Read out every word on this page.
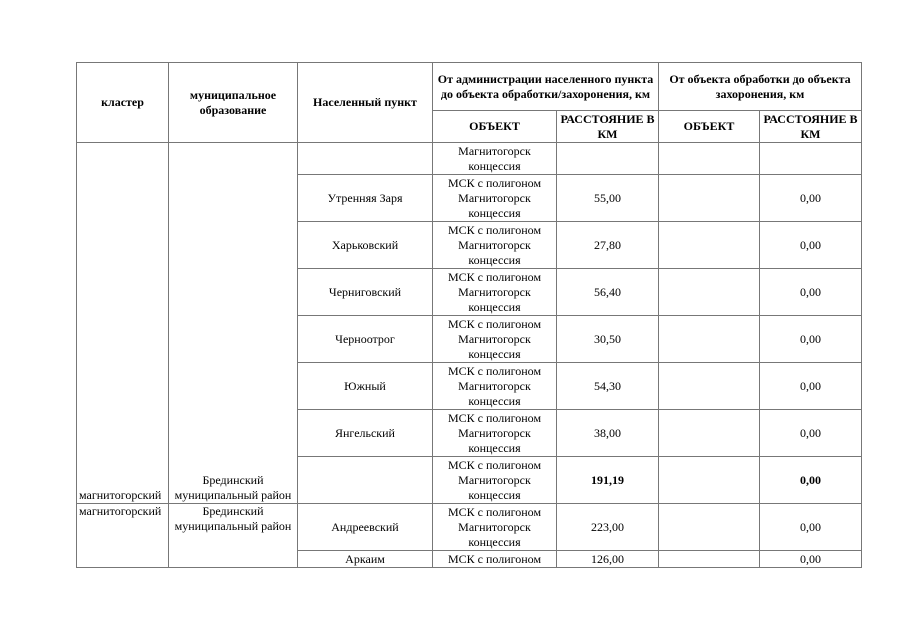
кластер	муниципальное образование	Населенный пункт	От администрации населенного пункта до объекта обработки/захоронения, км		От объекта обработки до объекта захоронения, км	
			ОБЪЕКТ	РАССТОЯНИЕ В КМ	ОБЪЕКТ	РАССТОЯНИЕ В КМ
магнитогорский	Брединский муниципальный район		Магнитогорск концессия			
		Утренняя Заря	МСК с полигоном Магнитогорск концессия	55,00		0,00
		Харьковский	МСК с полигоном Магнитогорск концессия	27,80		0,00
		Черниговский	МСК с полигоном Магнитогорск концессия	56,40		0,00
		Черноотрог	МСК с полигоном Магнитогорск концессия	30,50		0,00
		Южный	МСК с полигоном Магнитогорск концессия	54,30		0,00
		Янгельский	МСК с полигоном Магнитогорск концессия	38,00		0,00
			МСК с полигоном Магнитогорск концессия	191,19		0,00
магнитогорский	Брединский муниципальный район	Андреевский	МСК с полигоном Магнитогорск концессия	223,00		0,00
		Аркаим	МСК с полигоном	126,00		0,00
